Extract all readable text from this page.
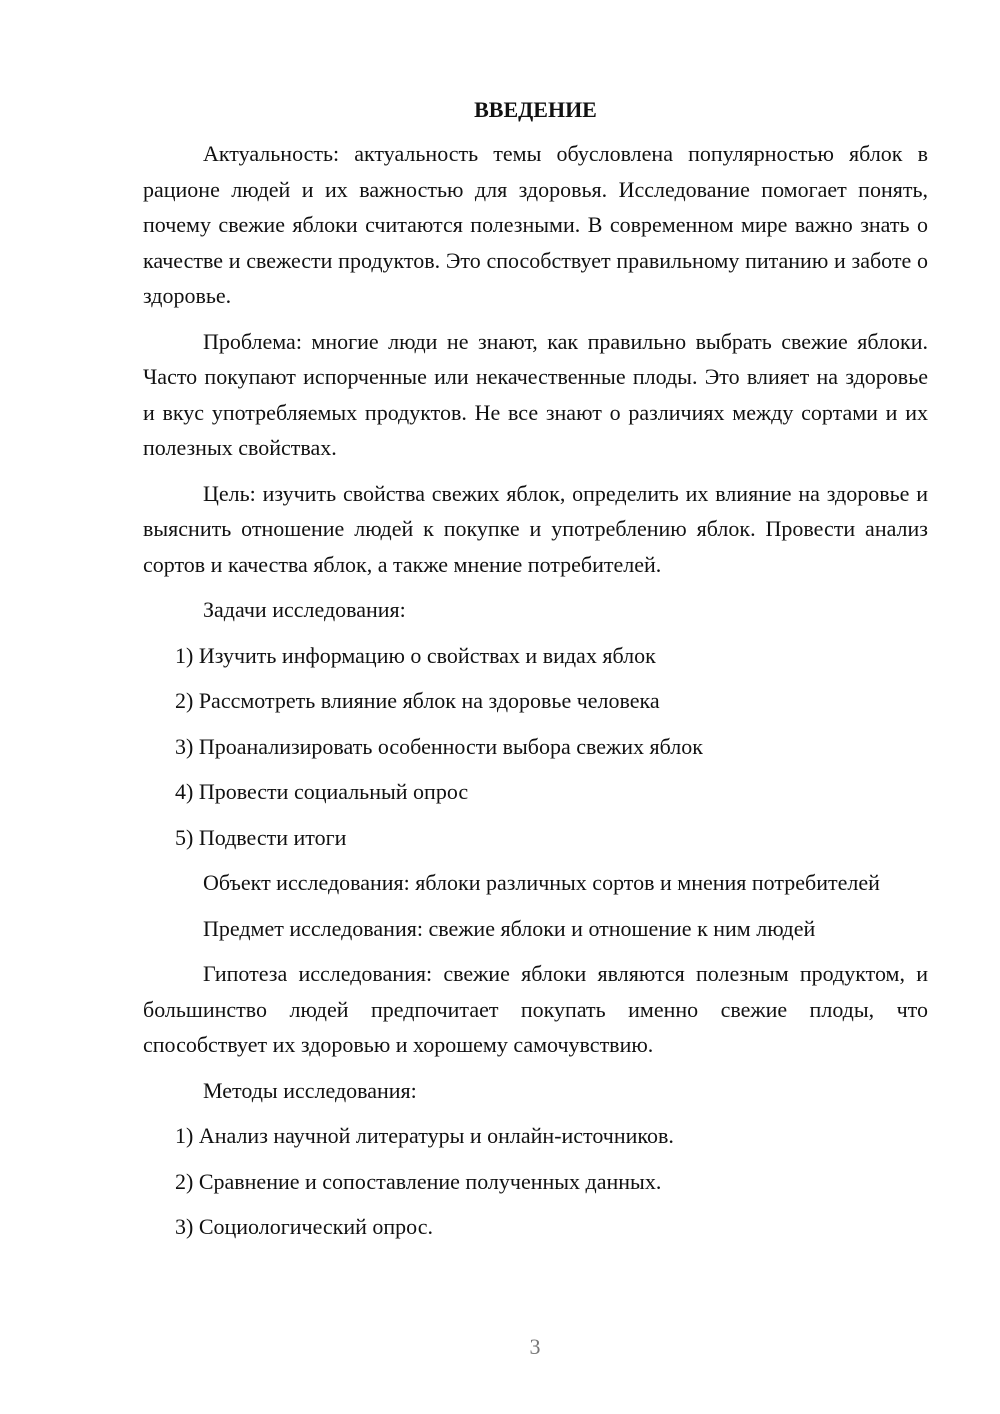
ВВЕДЕНИЕ

Актуальность: актуальность темы обусловлена популярностью яблок в рационе людей и их важностью для здоровья. Исследование помогает понять, почему свежие яблоки считаются полезными. В современном мире важно знать о качестве и свежести продуктов. Это способствует правильному питанию и заботе о здоровье.

Проблема: многие люди не знают, как правильно выбрать свежие яблоки. Часто покупают испорченные или некачественные плоды. Это влияет на здоровье и вкус употребляемых продуктов. Не все знают о различиях между сортами и их полезных свойствах.

Цель: изучить свойства свежих яблок, определить их влияние на здоровье и выяснить отношение людей к покупке и употреблению яблок. Провести анализ сортов и качества яблок, а также мнение потребителей.

Задачи исследования:

1) Изучить информацию о свойствах и видах яблок
2) Рассмотреть влияние яблок на здоровье человека
3) Проанализировать особенности выбора свежих яблок
4) Провести социальный опрос
5) Подвести итоги

Объект исследования: яблоки различных сортов и мнения потребителей

Предмет исследования: свежие яблоки и отношение к ним людей

Гипотеза исследования: свежие яблоки являются полезным продуктом, и большинство людей предпочитает покупать именно свежие плоды, что способствует их здоровью и хорошему самочувствию.

Методы исследования:

1) Анализ научной литературы и онлайн-источников.
2) Сравнение и сопоставление полученных данных.
3) Социологический опрос.
3
